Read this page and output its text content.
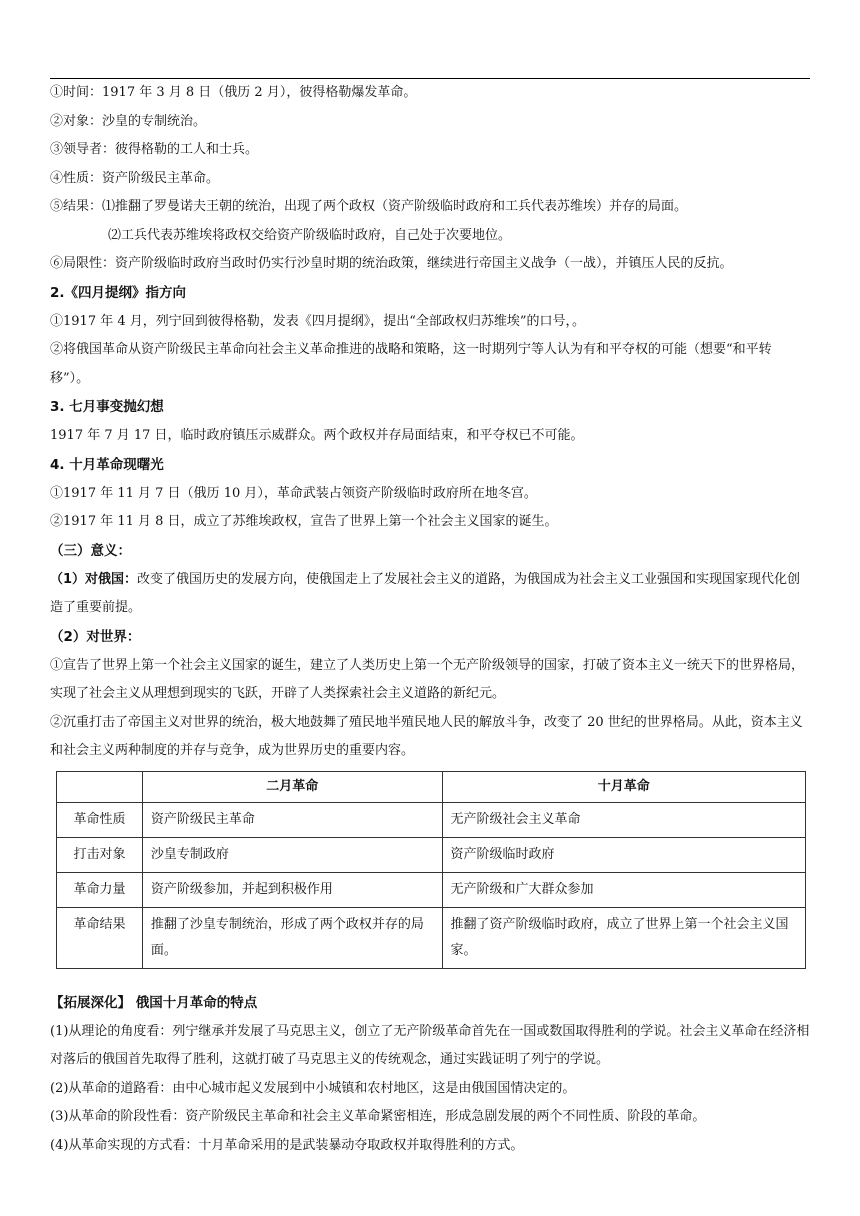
①时间：1917 年 3 月 8 日（俄历 2 月），彼得格勒爆发革命。
②对象：沙皇的专制统治。
③领导者：彼得格勒的工人和士兵。
④性质：资产阶级民主革命。
⑤结果：⑴推翻了罗曼诺夫王朝的统治，出现了两个政权（资产阶级临时政府和工兵代表苏维埃）并存的局面。
⑵工兵代表苏维埃将政权交给资产阶级临时政府，自己处于次要地位。
⑥局限性：资产阶级临时政府当政时仍实行沙皇时期的统治政策，继续进行帝国主义战争（一战），并镇压人民的反抗。
2.《四月提纲》指方向
①1917 年 4 月，列宁回到彼得格勒，发表《四月提纲》，提出“全部政权归苏维埃”的口号，。
②将俄国革命从资产阶级民主革命向社会主义革命推进的战略和策略，这一时期列宁等人认为有和平夺权的可能（想要“和平转移”）。
3. 七月事变抛幻想
1917 年 7 月 17 日，临时政府镇压示威群众。两个政权并存局面结束，和平夺权已不可能。
4. 十月革命现曙光
①1917 年 11 月 7 日（俄历 10 月），革命武装占领资产阶级临时政府所在地冬宫。
②1917 年 11 月 8 日，成立了苏维埃政权，宣告了世界上第一个社会主义国家的诞生。
（三）意义：
（1）对俄国：改变了俄国历史的发展方向，使俄国走上了发展社会主义的道路，为俄国成为社会主义工业强国和实现国家现代化创造了重要前提。
（2）对世界：
①宣告了世界上第一个社会主义国家的诞生，建立了人类历史上第一个无产阶级领导的国家，打破了资本主义一统天下的世界格局，实现了社会主义从理想到现实的飞跃，开辟了人类探索社会主义道路的新纪元。
②沉重打击了帝国主义对世界的统治，极大地鼓舞了殖民地半殖民地人民的解放斗争，改变了 20 世纪的世界格局。从此，资本主义和社会主义两种制度的并存与竞争，成为世界历史的重要内容。
	二月革命	十月革命
革命性质	资产阶级民主革命	无产阶级社会主义革命
打击对象	沙皇专制政府	资产阶级临时政府
革命力量	资产阶级参加，并起到积极作用	无产阶级和广大群众参加
革命结果	推翻了沙皇专制统治，形成了两个政权并存的局面。	推翻了资产阶级临时政府，成立了世界上第一个社会主义国家。
【拓展深化】 俄国十月革命的特点
(1)从理论的角度看：列宁继承并发展了马克思主义，创立了无产阶级革命首先在一国或数国取得胜利的学说。社会主义革命在经济相对落后的俄国首先取得了胜利，这就打破了马克思主义的传统观念，通过实践证明了列宁的学说。
(2)从革命的道路看：由中心城市起义发展到中小城镇和农村地区，这是由俄国国情决定的。
(3)从革命的阶段性看：资产阶级民主革命和社会主义革命紧密相连，形成急剧发展的两个不同性质、阶段的革命。
(4)从革命实现的方式看：十月革命采用的是武装暴动夺取政权并取得胜利的方式。
